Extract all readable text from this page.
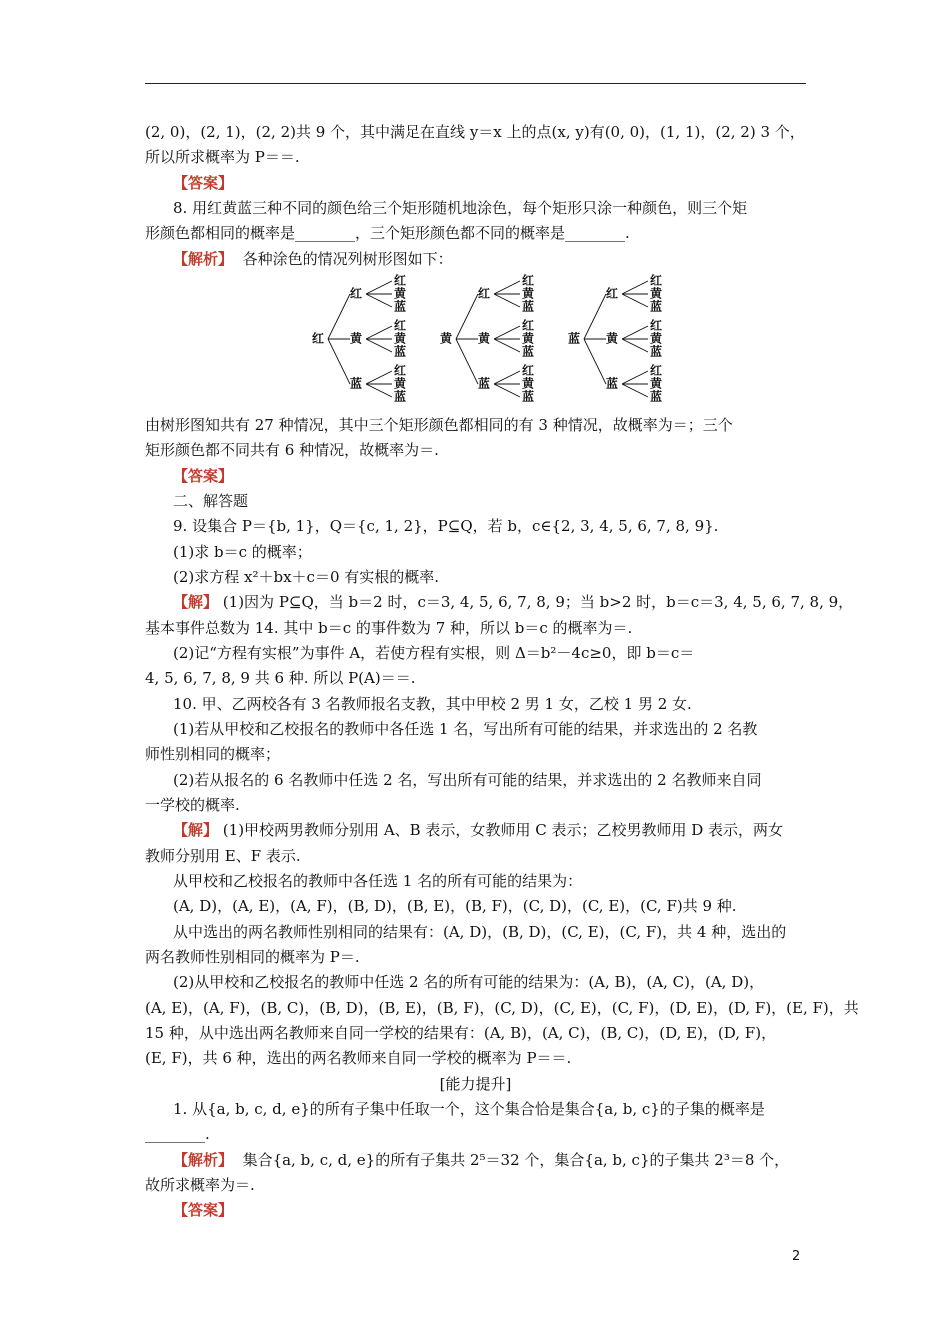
(2, 0)，(2, 1)，(2, 2)共 9 个，其中满足在直线 y＝x 上的点(x, y)有(0, 0)，(1, 1)，(2, 2) 3 个，
所以所求概率为 P＝＝.
【答案】
8. 用红黄蓝三种不同的颜色给三个矩形随机地涂色，每个矩形只涂一种颜色，则三个矩
形颜色都相同的概率是________，三个矩形颜色都不同的概率是________.
【解析】 各种涂色的情况列树形图如下：
红
红
红
黄
蓝
黄
红
黄
蓝
蓝
红
黄
蓝
黄
红
红
黄
蓝
黄
红
黄
蓝
蓝
红
黄
蓝
蓝
红
红
黄
蓝
黄
红
黄
蓝
蓝
红
黄
蓝
由树形图知共有 27 种情况，其中三个矩形颜色都相同的有 3 种情况，故概率为＝；三个
矩形颜色都不同共有 6 种情况，故概率为＝.
【答案】
二、解答题
9. 设集合 P＝{b, 1}，Q＝{c, 1, 2}，P⊆Q，若 b，c∈{2, 3, 4, 5, 6, 7, 8, 9}.
(1)求 b＝c 的概率；
(2)求方程 x²＋bx＋c＝0 有实根的概率.
【解】 (1)因为 P⊆Q，当 b＝2 时，c＝3, 4, 5, 6, 7, 8, 9；当 b>2 时，b＝c＝3, 4, 5, 6, 7, 8, 9，
基本事件总数为 14. 其中 b＝c 的事件数为 7 种，所以 b＝c 的概率为＝.
(2)记“方程有实根”为事件 A，若使方程有实根，则 Δ＝b²－4c≥0，即 b＝c＝
4, 5, 6, 7, 8, 9 共 6 种. 所以 P(A)＝＝.
10. 甲、乙两校各有 3 名教师报名支教，其中甲校 2 男 1 女，乙校 1 男 2 女.
(1)若从甲校和乙校报名的教师中各任选 1 名，写出所有可能的结果，并求选出的 2 名教
师性别相同的概率；
(2)若从报名的 6 名教师中任选 2 名，写出所有可能的结果，并求选出的 2 名教师来自同
一学校的概率.
【解】 (1)甲校两男教师分别用 A、B 表示，女教师用 C 表示；乙校男教师用 D 表示，两女
教师分别用 E、F 表示.
从甲校和乙校报名的教师中各任选 1 名的所有可能的结果为：
(A, D)，(A, E)，(A, F)，(B, D)，(B, E)，(B, F)，(C, D)，(C, E)，(C, F)共 9 种.
从中选出的两名教师性别相同的结果有：(A, D)，(B, D)，(C, E)，(C, F)，共 4 种，选出的
两名教师性别相同的概率为 P＝.
(2)从甲校和乙校报名的教师中任选 2 名的所有可能的结果为：(A, B)，(A, C)，(A, D)，
(A, E)，(A, F)，(B, C)，(B, D)，(B, E)，(B, F)，(C, D)，(C, E)，(C, F)，(D, E)，(D, F)，(E, F)，共
15 种，从中选出两名教师来自同一学校的结果有：(A, B)，(A, C)，(B, C)，(D, E)，(D, F)，
(E, F)，共 6 种，选出的两名教师来自同一学校的概率为 P＝＝.
[能力提升]
1. 从{a, b, c, d, e}的所有子集中任取一个，这个集合恰是集合{a, b, c}的子集的概率是
________.
【解析】 集合{a, b, c, d, e}的所有子集共 2⁵＝32 个，集合{a, b, c}的子集共 2³＝8 个，
故所求概率为＝.
【答案】
2
